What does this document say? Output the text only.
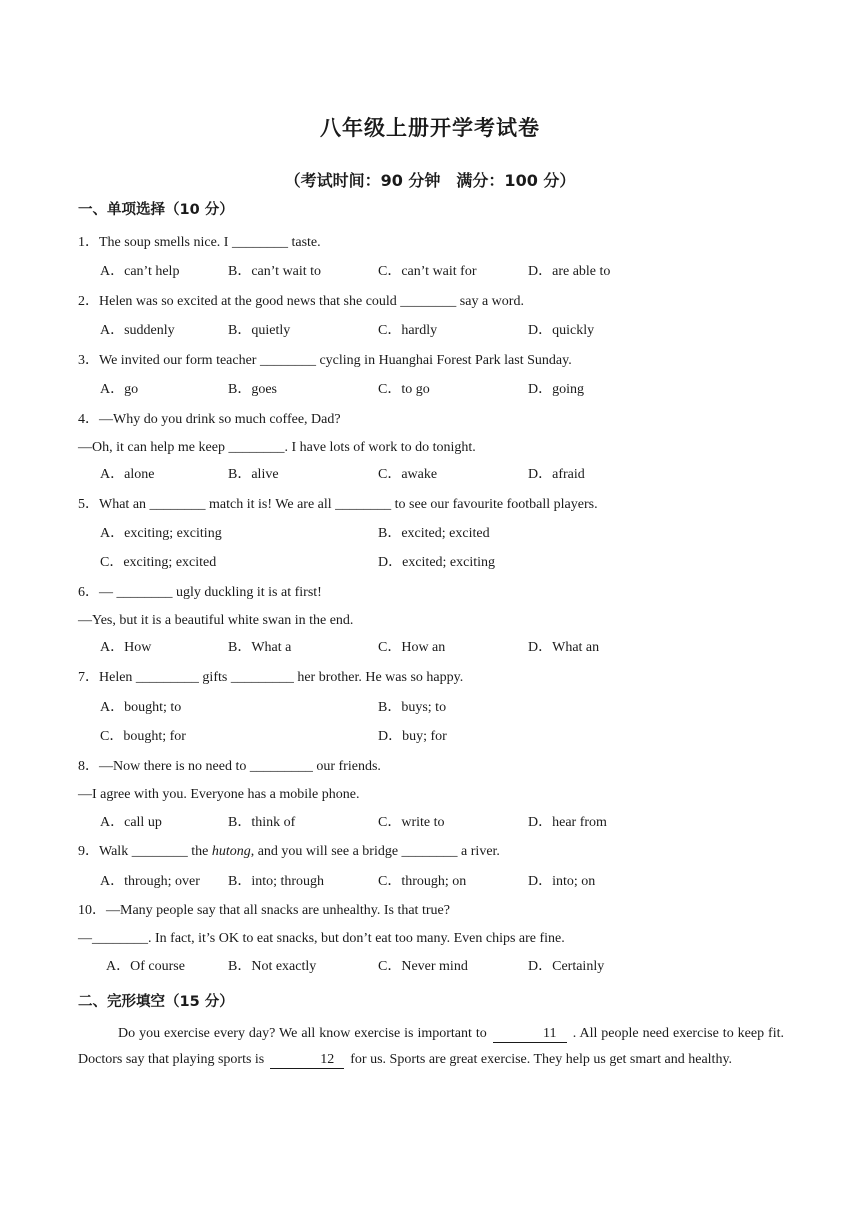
八年级上册开学考试卷
（考试时间：90 分钟　满分：100 分）
一、单项选择（10 分）
1．The soup smells nice. I ________ taste.
A．can’t help	B．can’t wait to	C．can’t wait for	D．are able to
2．Helen was so excited at the good news that she could ________ say a word.
A．suddenly	B．quietly	C．hardly	D．quickly
3．We invited our form teacher ________ cycling in Huanghai Forest Park last Sunday.
A．go	B．goes	C．to go	D．going
4．—Why do you drink so much coffee, Dad?
—Oh, it can help me keep ________. I have lots of work to do tonight.
A．alone	B．alive	C．awake	D．afraid
5．What an ________ match it is! We are all ________ to see our favourite football players.
A．exciting; exciting	B．excited; excited
C．exciting; excited	D．excited; exciting
6．— ________ ugly duckling it is at first!
—Yes, but it is a beautiful white swan in the end.
A．How	B．What a	C．How an	D．What an
7．Helen _________ gifts _________ her brother. He was so happy.
A．bought; to	B．buys; to
C．bought; for	D．buy; for
8．—Now there is no need to _________ our friends.
—I agree with you. Everyone has a mobile phone.
A．call up	B．think of	C．write to	D．hear from
9．Walk ________ the hutong, and you will see a bridge ________ a river.
A．through; over B．into; through	C．through; on	D．into; on
10．—Many people say that all snacks are unhealthy. Is that true?
—________. In fact, it’s OK to eat snacks, but don’t eat too many. Even chips are fine.
A．Of course	B．Not exactly	C．Never mind	D．Certainly
二、完形填空（15 分）
Do you exercise every day? We all know exercise is important to	11 . All people need exercise to keep fit. Doctors say that playing sports is	12 for us. Sports are great exercise. They help us get smart and healthy.
